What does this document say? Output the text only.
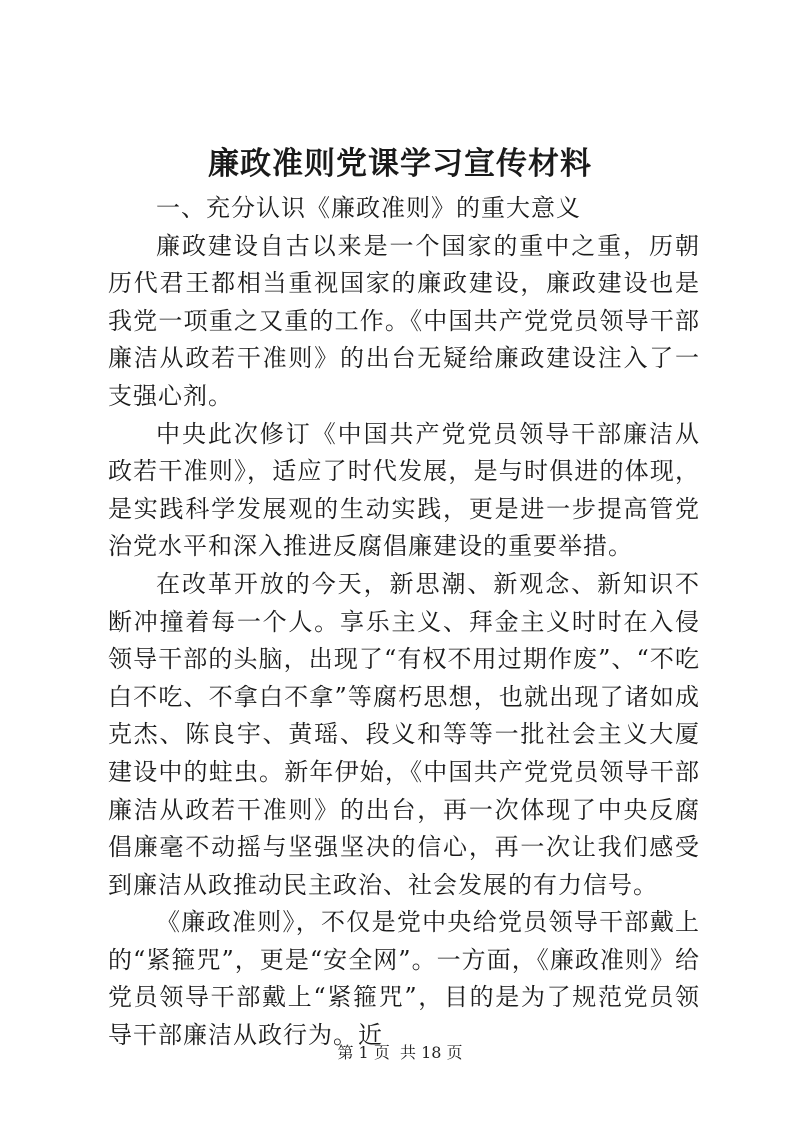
廉政准则党课学习宣传材料

一、充分认识《廉政准则》的重大意义

廉政建设自古以来是一个国家的重中之重，历朝历代君王都相当重视国家的廉政建设，廉政建设也是我党一项重之又重的工作。《中国共产党党员领导干部廉洁从政若干准则》的出台无疑给廉政建设注入了一支强心剂。

中央此次修订《中国共产党党员领导干部廉洁从政若干准则》，适应了时代发展，是与时俱进的体现，是实践科学发展观的生动实践，更是进一步提高管党治党水平和深入推进反腐倡廉建设的重要举措。

在改革开放的今天，新思潮、新观念、新知识不断冲撞着每一个人。享乐主义、拜金主义时时在入侵领导干部的头脑，出现了“有权不用过期作废”、“不吃白不吃、不拿白不拿”等腐朽思想，也就出现了诸如成克杰、陈良宇、黄瑶、段义和等等一批社会主义大厦建设中的蛀虫。新年伊始，《中国共产党党员领导干部廉洁从政若干准则》的出台，再一次体现了中央反腐倡廉毫不动摇与坚强坚决的信心，再一次让我们感受到廉洁从政推动民主政治、社会发展的有力信号。

《廉政准则》，不仅是党中央给党员领导干部戴上的“紧箍咒”，更是“安全网”。一方面，《廉政准则》给党员领导干部戴上“紧箍咒”，目的是为了规范党员领导干部廉洁从政行为。近

第 1 页  共 18 页
